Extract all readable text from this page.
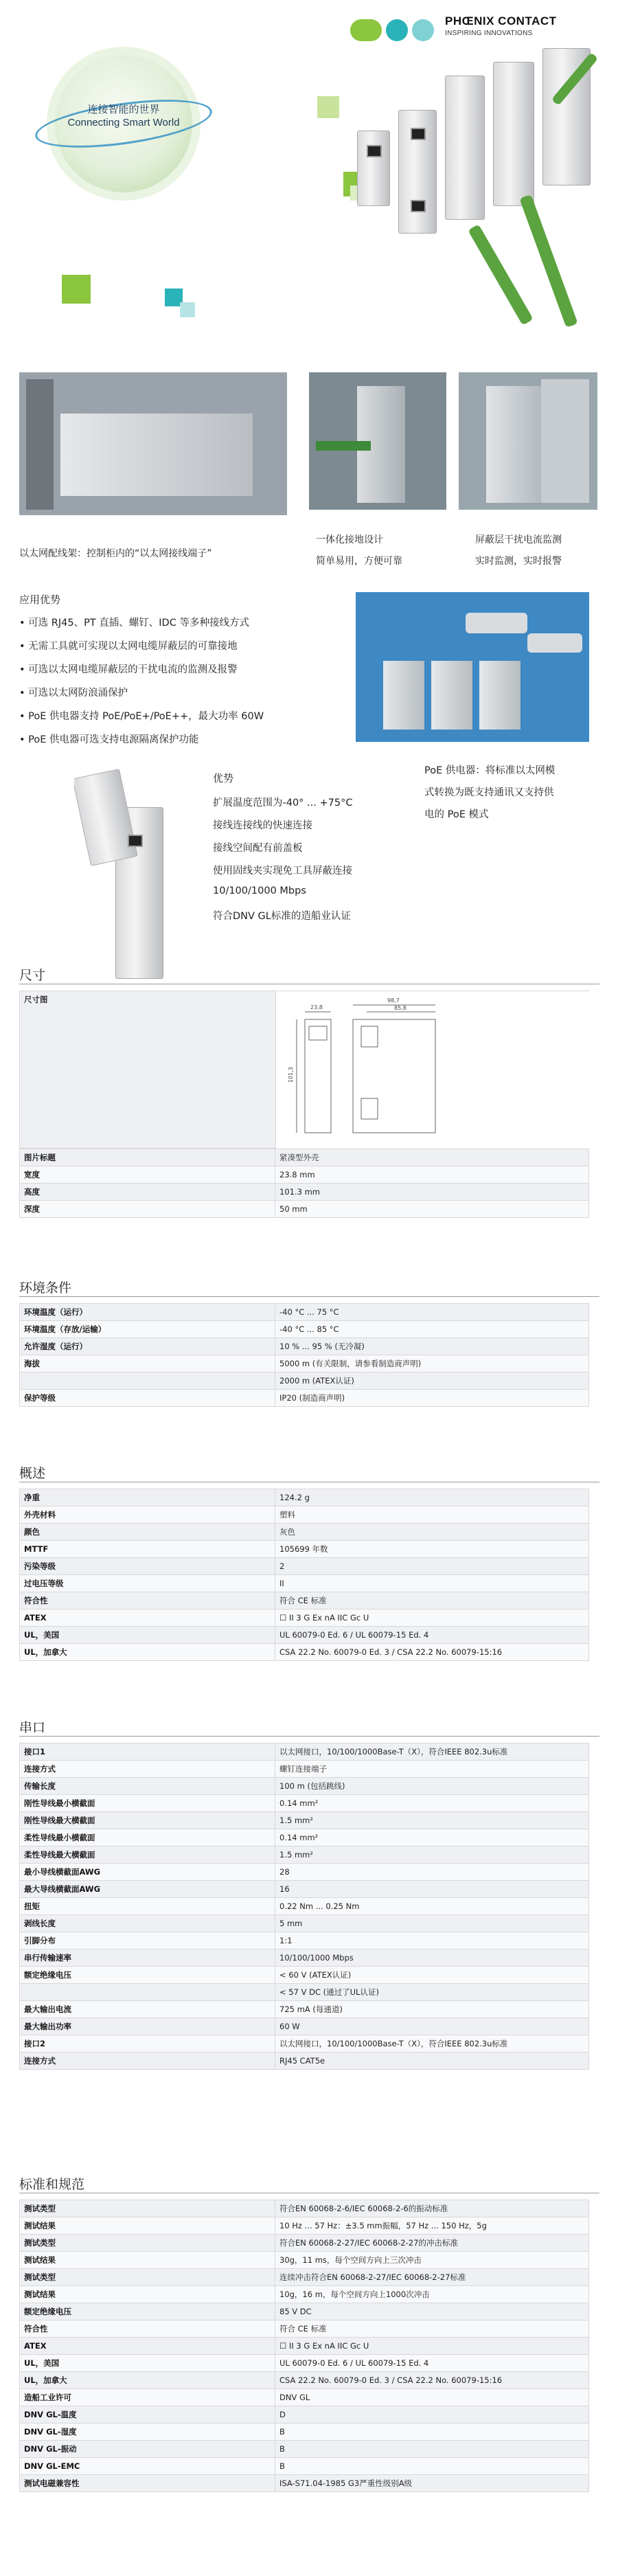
连接智能的世界
Connecting Smart World
PHŒNIX CONTACT
INSPIRING INNOVATIONS
以太网配线架：控制柜内的“以太网接线端子”
一体化接地设计
简单易用，方便可靠
屏蔽层干扰电流监测
实时监测，实时报警
应用优势
• 可选 RJ45、PT 直插、螺钉、IDC 等多种接线方式
• 无需工具就可实现以太网电缆屏蔽层的可靠接地
• 可选以太网电缆屏蔽层的干扰电流的监测及报警
• 可选以太网防浪涌保护
• PoE 供电器支持 PoE/PoE+/PoE++，最大功率 60W
• PoE 供电器可选支持电源隔离保护功能
PoE 供电器：将标准以太网模
式转换为既支持通讯又支持供
电的 PoE 模式
优势
扩展温度范围为-40° ... +75°C
接线连接线的快速连接
接线空间配有前盖板
使用固线夹实现免工具屏蔽连接
10/100/1000 Mbps
符合DNV GL标准的造船业认证
尺寸
尺寸图
23,8
98,7
85,8
101,3
图片标题	紧凑型外壳
宽度	23.8 mm
高度	101.3 mm
深度	50 mm
环境条件
环境温度（运行）	-40 °C ... 75 °C
环境温度（存放/运输）	-40 °C ... 85 °C
允许湿度（运行）	10 % ... 95 % (无冷凝)
海拔	5000 m (有关限制，请参看制造商声明)
	2000 m (ATEX认证)
保护等级	IP20 (制造商声明)
概述
净重	124.2 g
外壳材料	塑料
颜色	灰色
MTTF	105699 年数
污染等级	2
过电压等级	II
符合性	符合 CE 标准
ATEX	☐ II 3 G Ex nA IIC Gc U
UL，美国	UL 60079-0 Ed. 6 / UL 60079-15 Ed. 4
UL，加拿大	CSA 22.2 No. 60079-0 Ed. 3 / CSA 22.2 No. 60079-15:16
串口
接口1	以太网接口，10/100/1000Base-T（X），符合IEEE 802.3u标准
连接方式	螺钉连接端子
传输长度	100 m (包括跳线)
刚性导线最小横截面	0.14 mm²
刚性导线最大横截面	1.5 mm²
柔性导线最小横截面	0.14 mm²
柔性导线最大横截面	1.5 mm²
最小导线横截面AWG	28
最大导线横截面AWG	16
扭矩	0.22 Nm ... 0.25 Nm
剥线长度	5 mm
引脚分布	1:1
串行传输速率	10/100/1000 Mbps
额定绝缘电压	< 60 V (ATEX认证)
	< 57 V DC (通过了UL认证)
最大输出电流	725 mA (每通道)
最大输出功率	60 W
接口2	以太网接口，10/100/1000Base-T（X），符合IEEE 802.3u标准
连接方式	RJ45 CAT5e
标准和规范
测试类型	符合EN 60068-2-6/IEC 60068-2-6的振动标准
测试结果	10 Hz ... 57 Hz：±3.5 mm振幅，57 Hz ... 150 Hz，5g
测试类型	符合EN 60068-2-27/IEC 60068-2-27的冲击标准
测试结果	30g，11 ms，每个空间方向上三次冲击
测试类型	连续冲击符合EN 60068-2-27/IEC 60068-2-27标准
测试结果	10g，16 m，每个空间方向上1000次冲击
额定绝缘电压	85 V DC
符合性	符合 CE 标准
ATEX	☐ II 3 G Ex nA IIC Gc U
UL，美国	UL 60079-0 Ed. 6 / UL 60079-15 Ed. 4
UL，加拿大	CSA 22.2 No. 60079-0 Ed. 3 / CSA 22.2 No. 60079-15:16
造船工业许可	DNV GL
DNV GL-温度	D
DNV GL-湿度	B
DNV GL-振动	B
DNV GL-EMC	B
测试电磁兼容性	ISA-S71.04-1985 G3严重性级别A级
